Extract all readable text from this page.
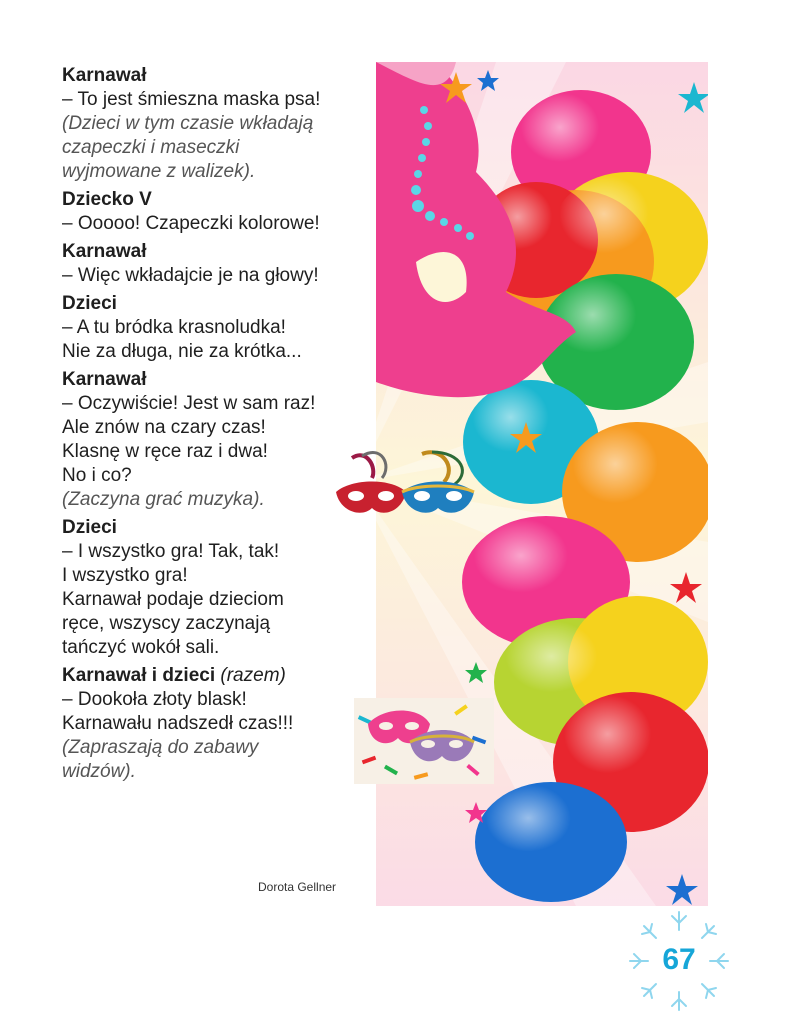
Karnawał
– To jest śmieszna maska psa!
(Dzieci w tym czasie wkładają
czapeczki i maseczki
wyjmowane z walizek).
Dziecko V
– Ooooo! Czapeczki kolorowe!
Karnawał
– Więc wkładajcie je na głowy!
Dzieci
– A tu bródka krasnoludka!
Nie za długa, nie za krótka...
Karnawał
– Oczywiście! Jest w sam raz!
Ale znów na czary czas!
Klasnę w ręce raz i dwa!
No i co?
(Zaczyna grać muzyka).
Dzieci
– I wszystko gra! Tak, tak!
I wszystko gra!
Karnawał podaje dzieciom
ręce, wszyscy zaczynają
tańczyć wokół sali.
Karnawał i dzieci (razem)
– Dookoła złoty blask!
Karnawału nadszedł czas!!!
(Zapraszają do zabawy
widzów).
Dorota Gellner
67
